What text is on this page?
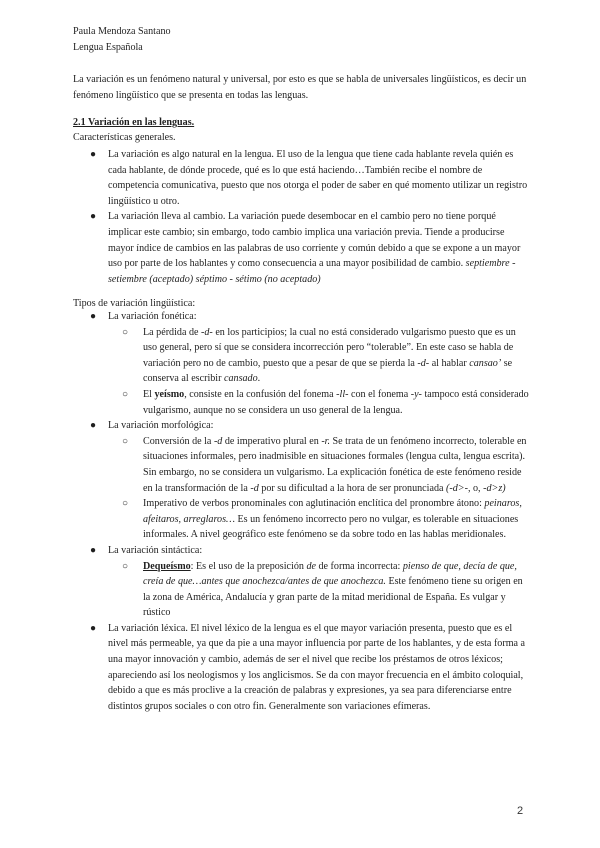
Paula Mendoza Santano

Lengua Española

La variación es un fenómeno natural y universal, por esto es que se habla de universales lingüísticos, es decir un fenómeno lingüístico que se presenta en todas las lenguas.

2.1 Variación en las lenguas.

Características generales.

● La variación es algo natural en la lengua. El uso de la lengua que tiene cada hablante revela quién es cada hablante, de dónde procede, qué es lo que está haciendo…También recibe el nombre de competencia comunicativa, puesto que nos otorga el poder de saber en qué momento utilizar un registro lingüístico u otro.
● La variación lleva al cambio. La variación puede desembocar en el cambio pero no tiene porqué implicar este cambio; sin embargo, todo cambio implica una variación previa. Tiende a producirse mayor índice de cambios en las palabras de uso corriente y común debido a que se expone a un mayor uso por parte de los hablantes y como consecuencia a una mayor posibilidad de cambio. septiembre - setiembre (aceptado) séptimo - sétimo (no aceptado)

Tipos de variación lingüística:

● La variación fonética:
○ La pérdida de -d- en los participios; la cual no está considerado vulgarismo puesto que es un uso general, pero sí que se considera incorrección pero “tolerable”. En este caso se habla de variación pero no de cambio, puesto que a pesar de que se pierda la -d- al hablar cansao’ se conserva al escribir cansado.
○ El yeísmo, consiste en la confusión del fonema -ll- con el fonema -y- tampoco está considerado vulgarismo, aunque no se considera un uso general de la lengua.
● La variación morfológica:
○ Conversión de la -d de imperativo plural en -r. Se trata de un fenómeno incorrecto, tolerable en situaciones informales, pero inadmisible en situaciones formales (lengua culta, lengua escrita). Sin embargo, no se considera un vulgarismo. La explicación fonética de este fenómeno reside en la transformación de la -d por su dificultad a la hora de ser pronunciada (-d>-, o, -d>z)
○ Imperativo de verbos pronominales con aglutinación enclítica del pronombre átono: peinaros, afeitaros, arreglaros… Es un fenómeno incorrecto pero no vulgar, es tolerable en situaciones informales. A nivel geográfico este fenómeno se da sobre todo en las hablas meridionales.
● La variación sintáctica:
○ Dequeísmo: Es el uso de la preposición de de forma incorrecta: pienso de que, decía de que, creía de que…antes que anochezca/antes de que anochezca. Este fenómeno tiene su origen en la zona de América, Andalucía y gran parte de la mitad meridional de España. Es vulgar y rústico
● La variación léxica. El nivel léxico de la lengua es el que mayor variación presenta, puesto que es el nivel más permeable, ya que da pie a una mayor influencia por parte de los hablantes, y de esta forma a una mayor innovación y cambio, además de ser el nivel que recibe los préstamos de otros léxicos; apareciendo así los neologismos y los anglicismos. Se da con mayor frecuencia en el ámbito coloquial, debido a que es más proclive a la creación de palabras y expresiones, ya sea para diferenciarse entre distintos grupos sociales o con otro fin. Generalmente son variaciones efímeras.
2
